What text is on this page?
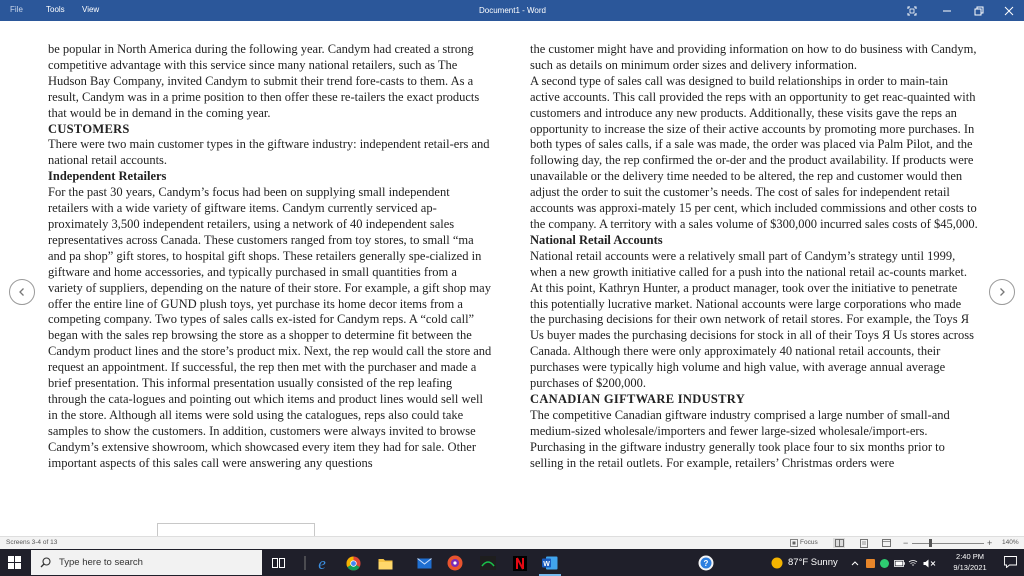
File	Tools View	Document1 - Word

be popular in North America during the following year. Candym had created a strong competitive advantage with this service since many national retailers, such as The Hudson Bay Company, invited Candym to submit their trend fore-casts to them. As a result, Candym was in a prime position to then offer these re-tailers the exact products that would be in demand in the coming year.

CUSTOMERS

There were two main customer types in the giftware industry: independent retail-ers and national retail accounts.

Independent Retailers

For the past 30 years, Candym’s focus had been on supplying small independent retailers with a wide variety of giftware items. Candym currently serviced ap-proximately 3,500 independent retailers, using a network of 40 independent sales representatives across Canada. These customers ranged from toy stores, to small “ma and pa shop” gift stores, to hospital gift shops. These retailers generally spe-cialized in giftware and home accessories, and typically purchased in small quantities from a variety of suppliers, depending on the nature of their store. For example, a gift shop may offer the entire line of GUND plush toys, yet purchase its home decor items from a competing company. Two types of sales calls ex-isted for Candym reps. A “cold call” began with the sales rep browsing the store as a shopper to determine fit between the Candym product lines and the store’s product mix. Next, the rep would call the store and request an appointment. If successful, the rep then met with the purchaser and made a brief presentation. This informal presentation usually consisted of the rep leafing through the cata-logues and pointing out which items and product lines would sell well in the store. Although all items were sold using the catalogues, reps also could take samples to show the customers. In addition, customers were always invited to browse Candym’s extensive showroom, which showcased every item they had for sale. Other important aspects of this sales call were answering any questions

the customer might have and providing information on how to do business with Candym, such as details on minimum order sizes and delivery information.

A second type of sales call was designed to build relationships in order to main-tain active accounts. This call provided the reps with an opportunity to get reac-quainted with customers and introduce any new products. Additionally, these visits gave the reps an opportunity to increase the size of their active accounts by promoting more purchases. In both types of sales calls, if a sale was made, the order was placed via Palm Pilot, and the following day, the rep confirmed the or-der and the product availability. If products were unavailable or the delivery time needed to be altered, the rep and customer would then adjust the order to suit the customer’s needs. The cost of sales for independent retail accounts was approxi-mately 15 per cent, which included commissions and other costs to the company. A territory with a sales volume of $300,000 incurred sales costs of $45,000.

National Retail Accounts

National retail accounts were a relatively small part of Candym’s strategy until 1999, when a new growth initiative called for a push into the national retail ac-counts market. At this point, Kathryn Hunter, a product manager, took over the initiative to penetrate this potentially lucrative market. National accounts were large corporations who made the purchasing decisions for their own network of retail stores. For example, the Toys Я Us buyer mades the purchasing decisions for stock in all of their Toys Я Us stores across Canada. Although there were only approximately 40 national retail accounts, their purchases were typically high volume and high value, with average annual average purchases of $200,000.

CANADIAN GIFTWARE INDUSTRY

The competitive Canadian giftware industry comprised a large number of small-and medium-sized wholesale/importers and fewer large-sized wholesale/import-ers. Purchasing in the giftware industry generally took place four to six months prior to selling in the retail outlets. For example, retailers’ Christmas orders were

Screens 3-4 of 13	Focus	−	+ 140%
Type here to search	e	W	?	87°F Sunny
2:40 PM
9/13/2021
